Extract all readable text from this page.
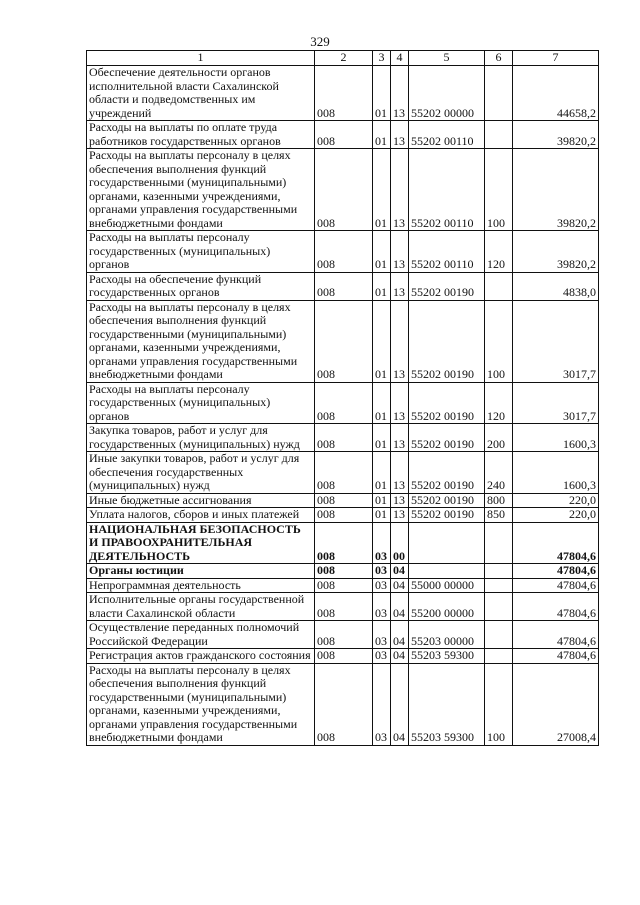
329
1	2	3	4	5	6	7
Обеспечение деятельности органов исполнительной власти Сахалинской области и подведомственных им учреждений	008	01	13	55202 00000		44658,2
Расходы на выплаты по оплате труда работников государственных органов	008	01	13	55202 00110		39820,2
Расходы на выплаты персоналу в целях обеспечения выполнения функций государственными (муниципальными) органами, казенными учреждениями, органами управления государственными внебюджетными фондами	008	01	13	55202 00110	100	39820,2
Расходы на выплаты персоналу государственных (муниципальных) органов	008	01	13	55202 00110	120	39820,2
Расходы на обеспечение функций государственных органов	008	01	13	55202 00190		4838,0
Расходы на выплаты персоналу в целях обеспечения выполнения функций государственными (муниципальными) органами, казенными учреждениями, органами управления государственными внебюджетными фондами	008	01	13	55202 00190	100	3017,7
Расходы на выплаты персоналу государственных (муниципальных) органов	008	01	13	55202 00190	120	3017,7
Закупка товаров, работ и услуг для государственных (муниципальных) нужд	008	01	13	55202 00190	200	1600,3
Иные закупки товаров, работ и услуг для обеспечения государственных (муниципальных) нужд	008	01	13	55202 00190	240	1600,3
Иные бюджетные ассигнования	008	01	13	55202 00190	800	220,0
Уплата налогов, сборов и иных платежей	008	01	13	55202 00190	850	220,0
НАЦИОНАЛЬНАЯ БЕЗОПАСНОСТЬ И ПРАВООХРАНИТЕЛЬНАЯ ДЕЯТЕЛЬНОСТЬ	008	03	00			47804,6
Органы юстиции	008	03	04			47804,6
Непрограммная деятельность	008	03	04	55000 00000		47804,6
Исполнительные органы государственной власти Сахалинской области	008	03	04	55200 00000		47804,6
Осуществление переданных полномочий Российской Федерации	008	03	04	55203 00000		47804,6
Регистрация актов гражданского состояния	008	03	04	55203 59300		47804,6
Расходы на выплаты персоналу в целях обеспечения выполнения функций государственными (муниципальными) органами, казенными учреждениями, органами управления государственными внебюджетными фондами	008	03	04	55203 59300	100	27008,4
